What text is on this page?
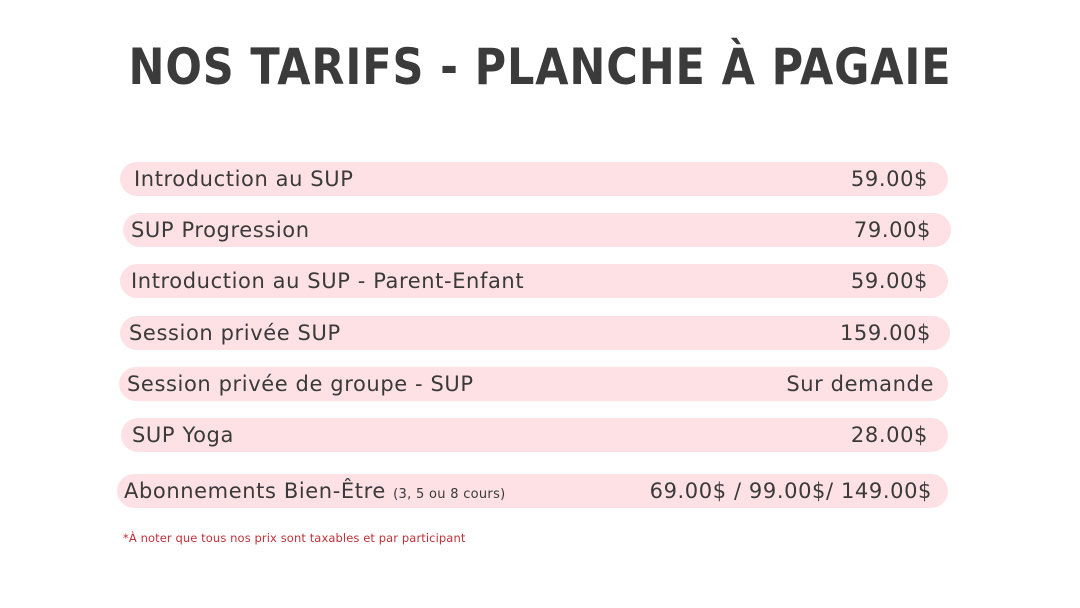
NOS TARIFS - PLANCHE À PAGAIE
Introduction au SUP	59.00$
SUP Progression	79.00$
Introduction au SUP - Parent-Enfant	59.00$
Session privée SUP	159.00$
Session privée de groupe - SUP	Sur demande
SUP Yoga	28.00$
Abonnements Bien-Être (3, 5 ou 8 cours)	69.00$ / 99.00$/ 149.00$
*À noter que tous nos prix sont taxables et par participant
